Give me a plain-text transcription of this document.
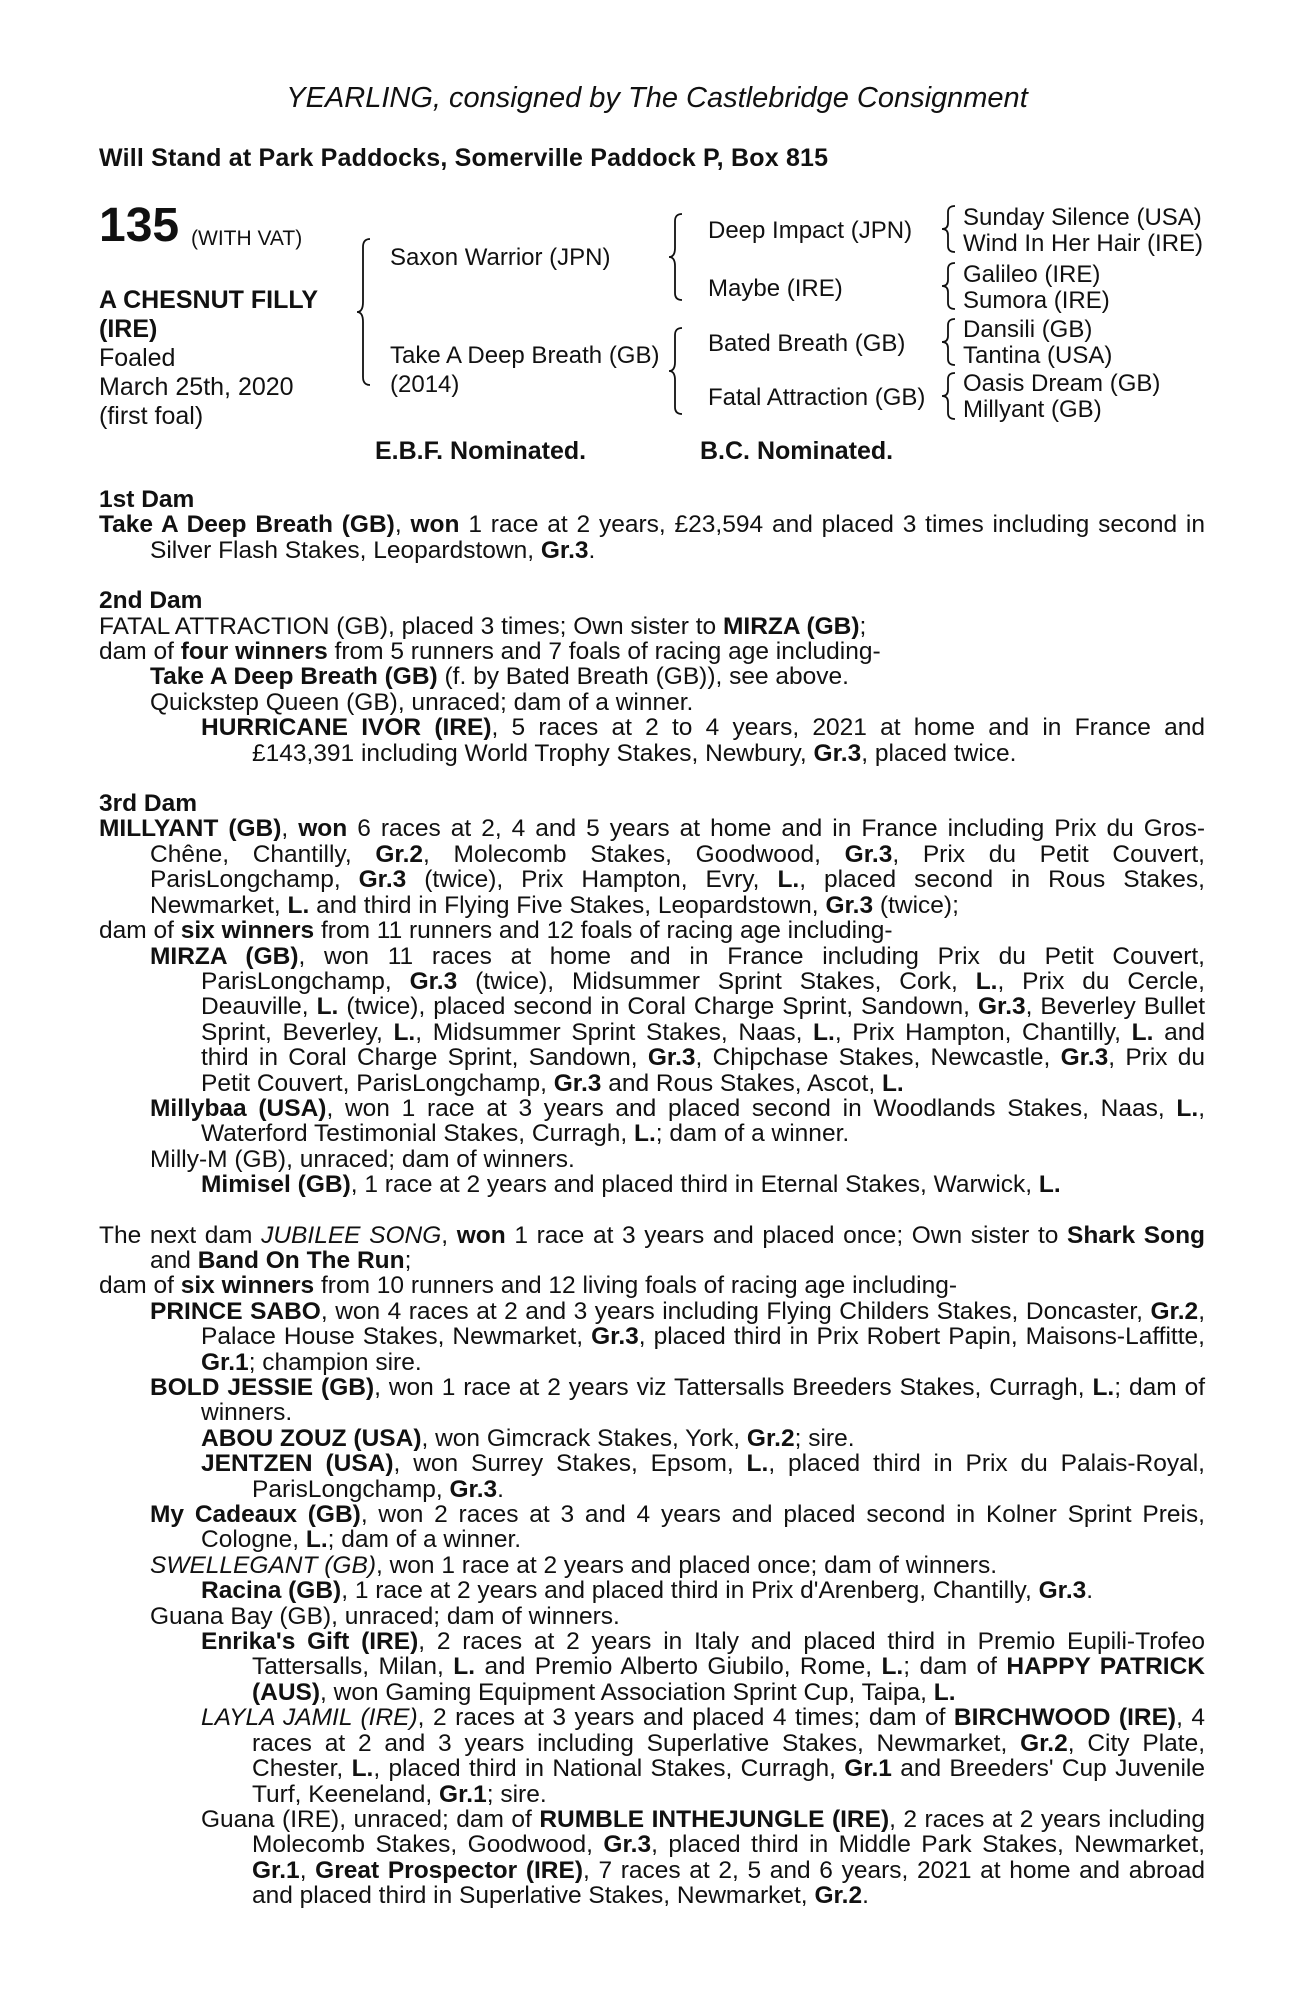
YEARLING, consigned by The Castlebridge Consignment
Will Stand at Park Paddocks, Somerville Paddock P, Box 815
135 (WITH VAT)
A CHESNUT FILLY
(IRE)
Foaled
March 25th, 2020
(first foal)
Saxon Warrior (JPN)
Take A Deep Breath (GB)
(2014)
Deep Impact (JPN)
Maybe (IRE)
Bated Breath (GB)
Fatal Attraction (GB)
Sunday Silence (USA)
Wind In Her Hair (IRE)
Galileo (IRE)
Sumora (IRE)
Dansili (GB)
Tantina (USA)
Oasis Dream (GB)
Millyant (GB)
E.B.F. Nominated.	B.C. Nominated.

1st Dam

Take A Deep Breath (GB), won 1 race at 2 years, £23,594 and placed 3 times including second in Silver Flash Stakes, Leopardstown, Gr.3.

2nd Dam

FATAL ATTRACTION (GB), placed 3 times; Own sister to MIRZA (GB);

dam of four winners from 5 runners and 7 foals of racing age including-

Take A Deep Breath (GB) (f. by Bated Breath (GB)), see above.

Quickstep Queen (GB), unraced; dam of a winner.

HURRICANE IVOR (IRE), 5 races at 2 to 4 years, 2021 at home and in France and £143,391 including World Trophy Stakes, Newbury, Gr.3, placed twice.

3rd Dam

MILLYANT (GB), won 6 races at 2, 4 and 5 years at home and in France including Prix du Gros-Chêne, Chantilly, Gr.2, Molecomb Stakes, Goodwood, Gr.3, Prix du Petit Couvert, ParisLongchamp, Gr.3 (twice), Prix Hampton, Evry, L., placed second in Rous Stakes, Newmarket, L. and third in Flying Five Stakes, Leopardstown, Gr.3 (twice);

dam of six winners from 11 runners and 12 foals of racing age including-

MIRZA (GB), won 11 races at home and in France including Prix du Petit Couvert, ParisLongchamp, Gr.3 (twice), Midsummer Sprint Stakes, Cork, L., Prix du Cercle, Deauville, L. (twice), placed second in Coral Charge Sprint, Sandown, Gr.3, Beverley Bullet Sprint, Beverley, L., Midsummer Sprint Stakes, Naas, L., Prix Hampton, Chantilly, L. and third in Coral Charge Sprint, Sandown, Gr.3, Chipchase Stakes, Newcastle, Gr.3, Prix du Petit Couvert, ParisLongchamp, Gr.3 and Rous Stakes, Ascot, L.

Millybaa (USA), won 1 race at 3 years and placed second in Woodlands Stakes, Naas, L., Waterford Testimonial Stakes, Curragh, L.; dam of a winner.

Milly-M (GB), unraced; dam of winners.

Mimisel (GB), 1 race at 2 years and placed third in Eternal Stakes, Warwick, L.

The next dam JUBILEE SONG, won 1 race at 3 years and placed once; Own sister to Shark Song and Band On The Run;

dam of six winners from 10 runners and 12 living foals of racing age including-

PRINCE SABO, won 4 races at 2 and 3 years including Flying Childers Stakes, Doncaster, Gr.2, Palace House Stakes, Newmarket, Gr.3, placed third in Prix Robert Papin, Maisons-Laffitte, Gr.1; champion sire.

BOLD JESSIE (GB), won 1 race at 2 years viz Tattersalls Breeders Stakes, Curragh, L.; dam of winners.

ABOU ZOUZ (USA), won Gimcrack Stakes, York, Gr.2; sire.

JENTZEN (USA), won Surrey Stakes, Epsom, L., placed third in Prix du Palais-Royal, ParisLongchamp, Gr.3.

My Cadeaux (GB), won 2 races at 3 and 4 years and placed second in Kolner Sprint Preis, Cologne, L.; dam of a winner.

SWELLEGANT (GB), won 1 race at 2 years and placed once; dam of winners.

Racina (GB), 1 race at 2 years and placed third in Prix d'Arenberg, Chantilly, Gr.3.

Guana Bay (GB), unraced; dam of winners.

Enrika's Gift (IRE), 2 races at 2 years in Italy and placed third in Premio Eupili-Trofeo Tattersalls, Milan, L. and Premio Alberto Giubilo, Rome, L.; dam of HAPPY PATRICK (AUS), won Gaming Equipment Association Sprint Cup, Taipa, L.

LAYLA JAMIL (IRE), 2 races at 3 years and placed 4 times; dam of BIRCHWOOD (IRE), 4 races at 2 and 3 years including Superlative Stakes, Newmarket, Gr.2, City Plate, Chester, L., placed third in National Stakes, Curragh, Gr.1 and Breeders' Cup Juvenile Turf, Keeneland, Gr.1; sire.

Guana (IRE), unraced; dam of RUMBLE INTHEJUNGLE (IRE), 2 races at 2 years including Molecomb Stakes, Goodwood, Gr.3, placed third in Middle Park Stakes, Newmarket, Gr.1, Great Prospector (IRE), 7 races at 2, 5 and 6 years, 2021 at home and abroad and placed third in Superlative Stakes, Newmarket, Gr.2.
